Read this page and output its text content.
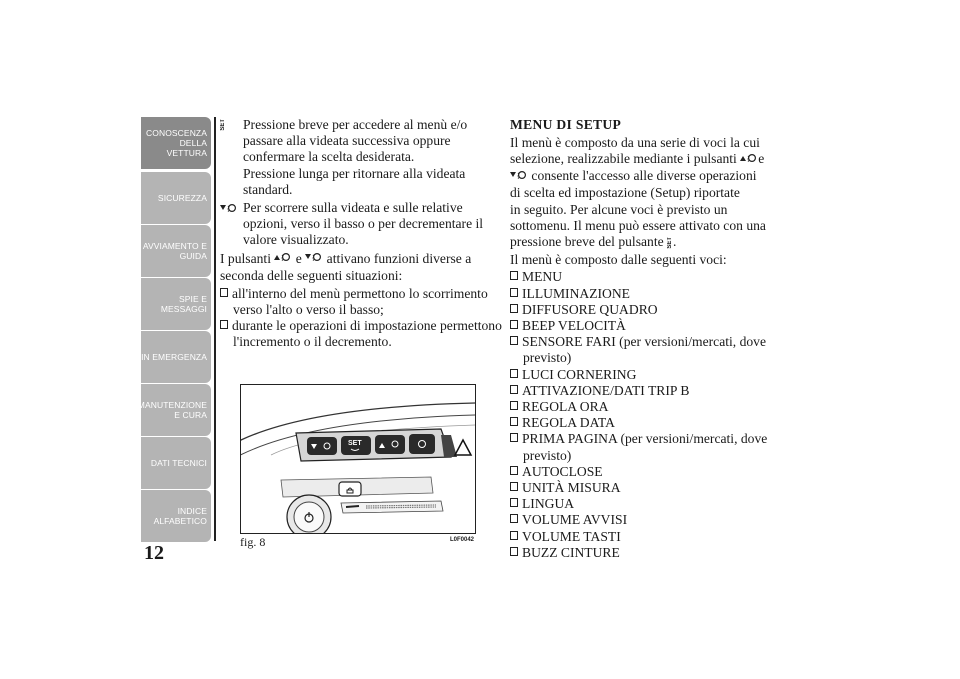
CONOSCENZA DELLA VETTURA
SICUREZZA
AVVIAMENTO E GUIDA
SPIE E MESSAGGI
IN EMERGENZA
MANUTENZIONE E CURA
DATI TECNICI
INDICE ALFABETICO
12
SET Pressione breve per accedere al menù e/o

passare alla videata successiva oppure

confermare la scelta desiderata.

Pressione lunga per ritornare alla videata

standard.

Per scorrere sulla videata e sulle relative

opzioni, verso il basso o per decrementare il

valore visualizzato.

I pulsanti e attivano funzioni diverse a

seconda delle seguenti situazioni:

all'interno del menù permettono lo scorrimento verso l'alto o verso il basso;

durante le operazioni di impostazione permettono l'incremento o il decremento.

SET
fig. 8	L0F0042

MENU DI SETUP

Il menù è composto da una serie di voci la cui

selezione, realizzabile mediante i pulsanti e

consente l'accesso alle diverse operazioni

di scelta ed impostazione (Setup) riportate

in seguito. Per alcune voci è previsto un

sottomenu. Il menu può essere attivato con una

pressione breve del pulsante SET.

Il menù è composto dalle seguenti voci:

MENU

ILLUMINAZIONE

DIFFUSORE QUADRO

BEEP VELOCITÀ

SENSORE FARI (per versioni/mercati, dove previsto)

LUCI CORNERING

ATTIVAZIONE/DATI TRIP B

REGOLA ORA

REGOLA DATA

PRIMA PAGINA (per versioni/mercati, dove previsto)

AUTOCLOSE

UNITÀ MISURA

LINGUA

VOLUME AVVISI

VOLUME TASTI

BUZZ CINTURE
